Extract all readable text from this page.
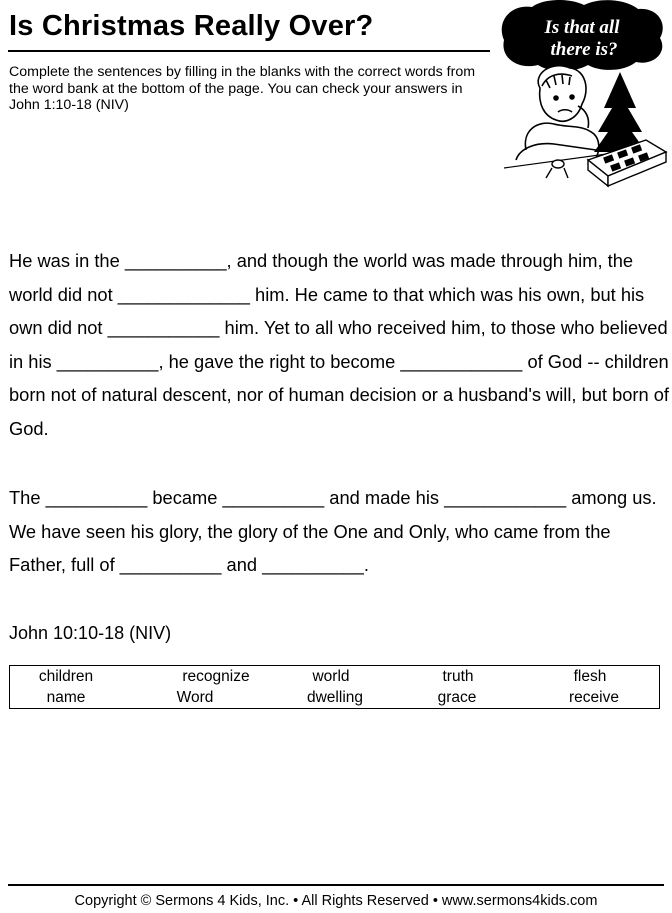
Is Christmas Really Over?
Complete the sentences by filling in the blanks with the correct words from the word bank at the bottom of the page. You can check your answers in John 1:10-18 (NIV)
Is that all
there is?
He was in the __________, and though the world was made through him, the world did not _____________ him. He came to that which was his own, but his own did not ___________ him. Yet to all who received him, to those who believed in his __________, he gave the right to become ____________ of God -- children born not of natural descent, nor of human decision or a husband's will, but born of God.
The __________ became __________ and made his ____________ among us. We have seen his glory, the glory of the One and Only, who came from the Father, full of __________ and __________.
John 10:10-18 (NIV)
children	recognize	world	truth	flesh
name	Word	dwelling	grace	receive
Copyright © Sermons 4 Kids, Inc. • All Rights Reserved • www.sermons4kids.com
